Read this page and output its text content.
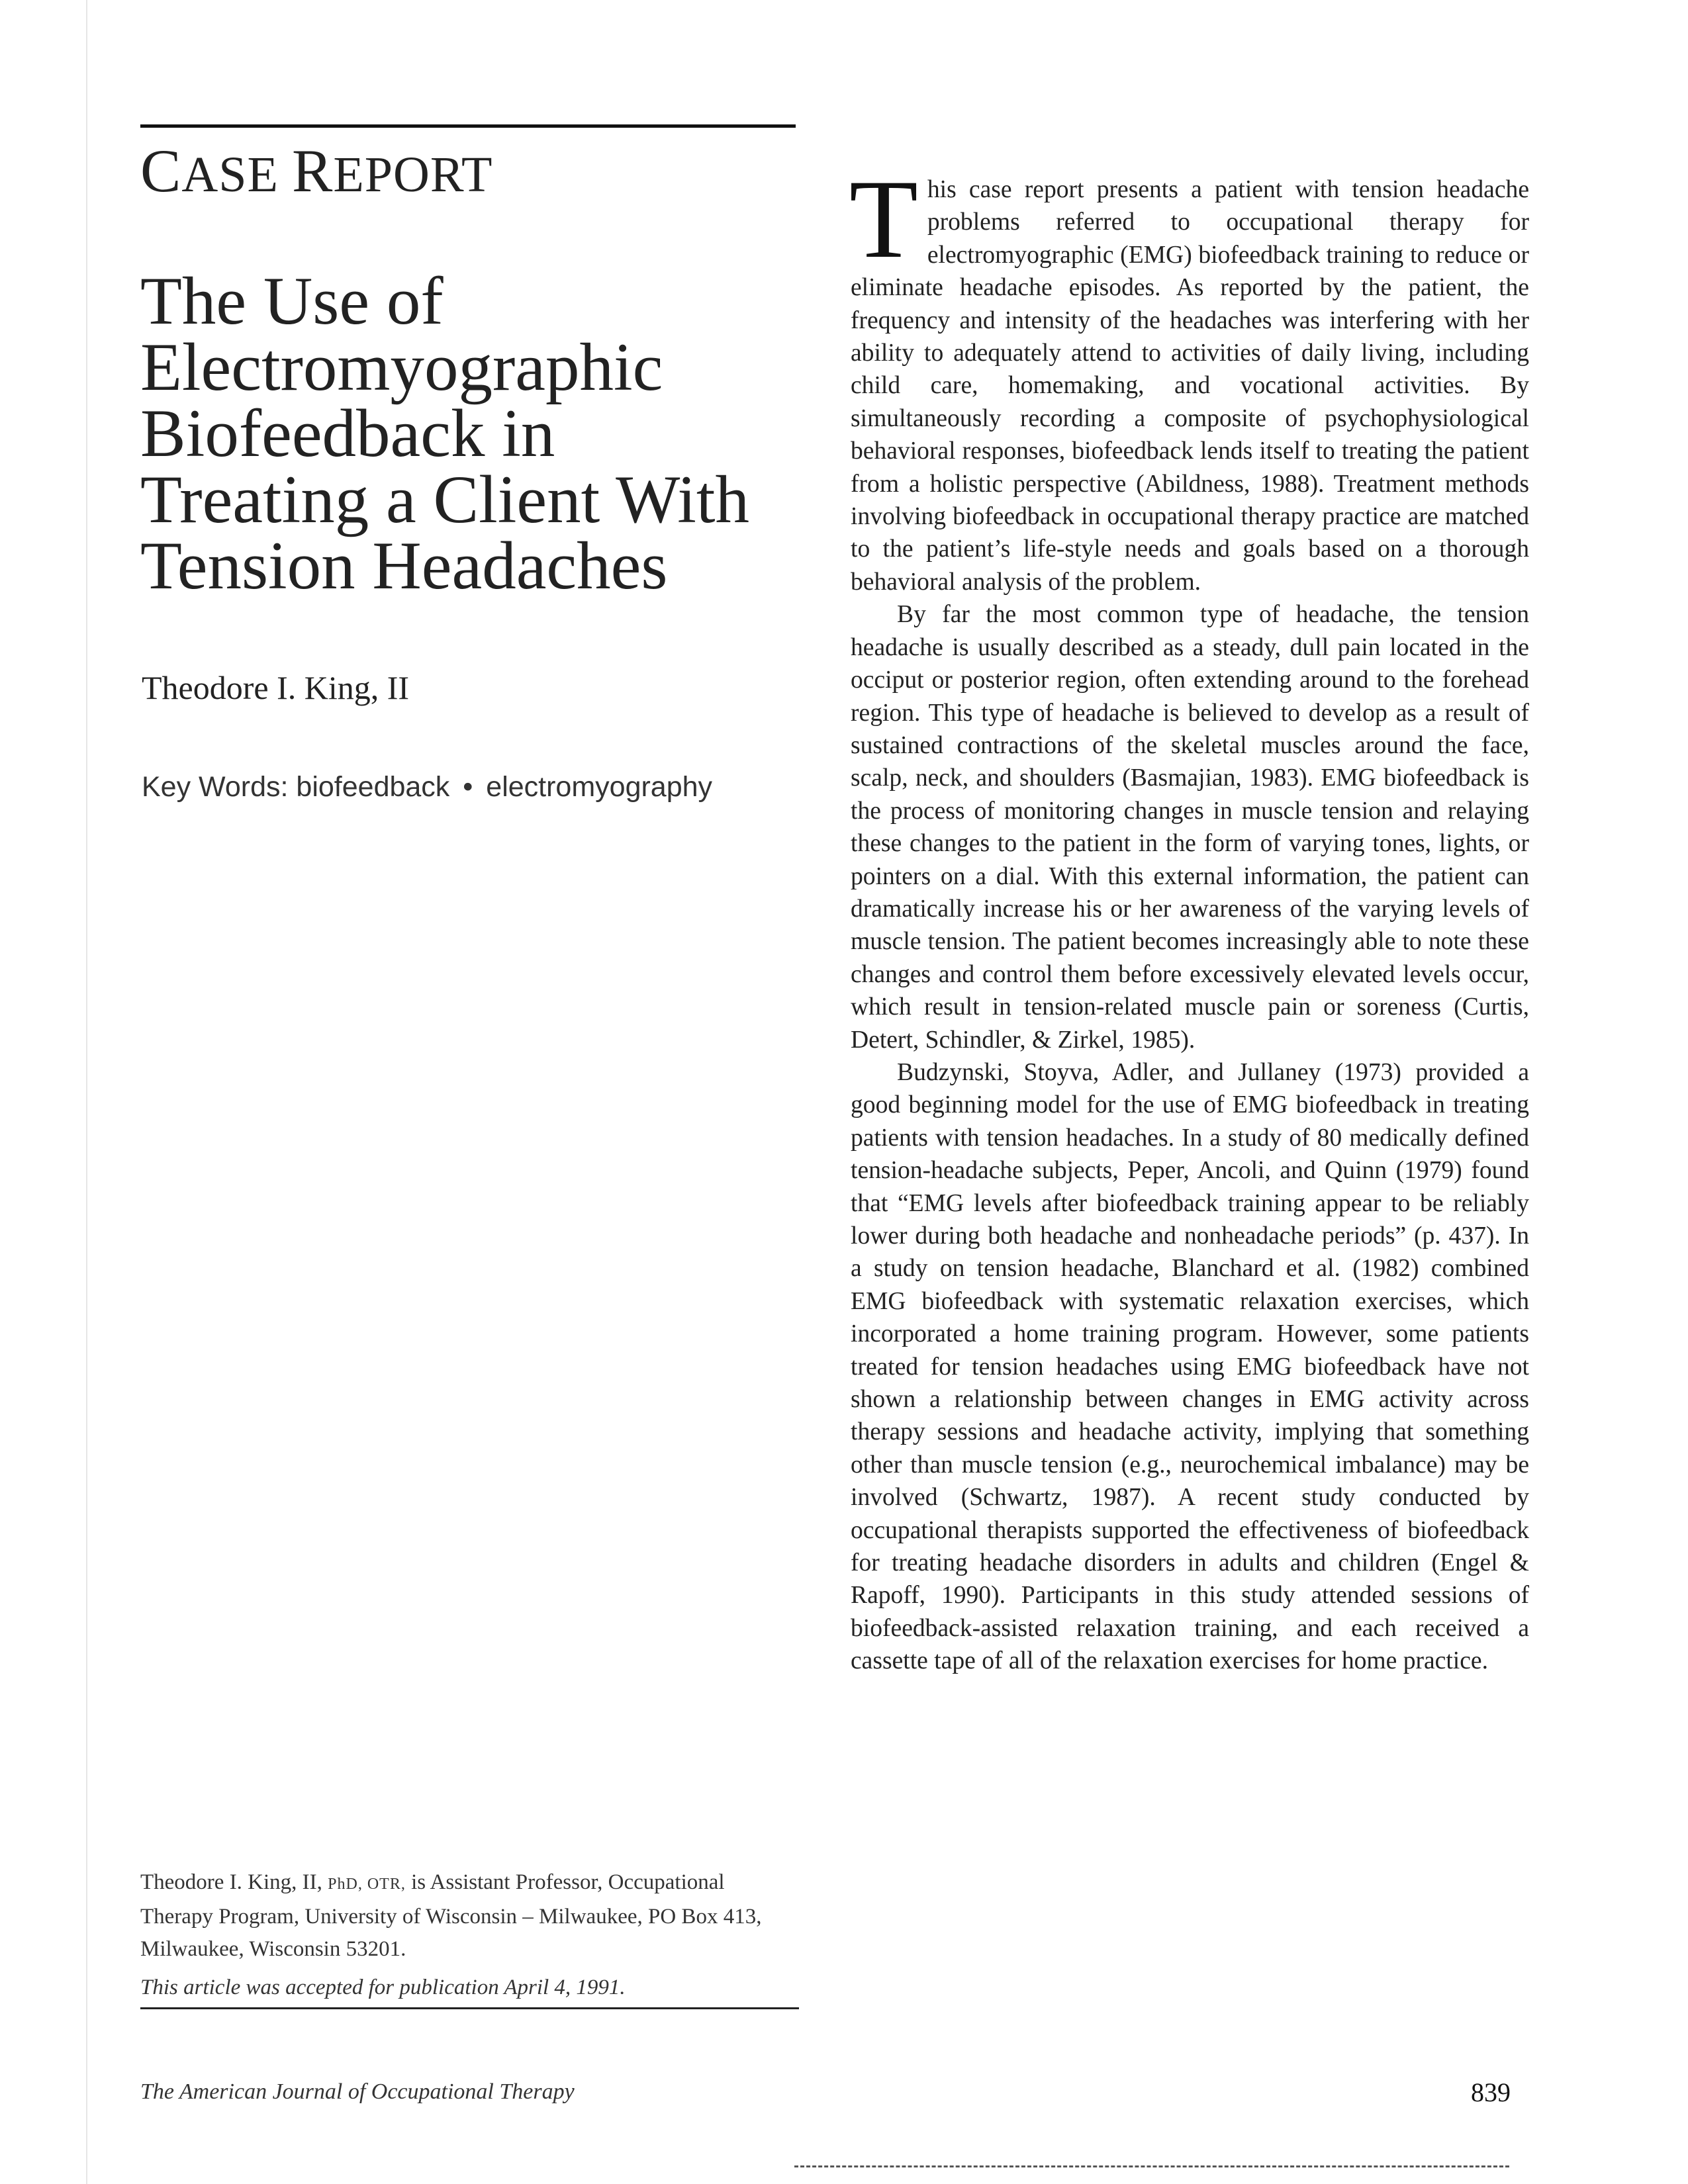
CASE REPORT
The Use of Electromyographic Biofeedback in Treating a Client With Tension Headaches

Theodore I. King, II

Key Words: biofeedback • electromyography

This case report presents a patient with tension headache problems referred to occupational therapy for electromyographic (EMG) biofeedback training to reduce or eliminate headache episodes. As reported by the patient, the frequency and intensity of the headaches was interfering with her ability to adequately attend to activities of daily living, including child care, homemaking, and vocational activities. By simultaneously recording a composite of psychophysiological behavioral responses, biofeedback lends itself to treating the patient from a holistic perspective (Abildness, 1988). Treatment methods involving biofeedback in occupational therapy practice are matched to the patient’s life-style needs and goals based on a thorough behavioral analysis of the problem.

By far the most common type of headache, the tension headache is usually described as a steady, dull pain located in the occiput or posterior region, often extending around to the forehead region. This type of headache is believed to develop as a result of sustained contractions of the skeletal muscles around the face, scalp, neck, and shoulders (Basmajian, 1983). EMG biofeedback is the process of monitoring changes in muscle tension and relaying these changes to the patient in the form of varying tones, lights, or pointers on a dial. With this external information, the patient can dramatically increase his or her awareness of the varying levels of muscle tension. The patient becomes increasingly able to note these changes and control them before excessively elevated levels occur, which result in tension-related muscle pain or soreness (Curtis, Detert, Schindler, & Zirkel, 1985).

Budzynski, Stoyva, Adler, and Jullaney (1973) provided a good beginning model for the use of EMG biofeedback in treating patients with tension headaches. In a study of 80 medically defined tension-headache subjects, Peper, Ancoli, and Quinn (1979) found that “EMG levels after biofeedback training appear to be reliably lower during both headache and nonheadache periods” (p. 437). In a study on tension headache, Blanchard et al. (1982) combined EMG biofeedback with systematic relaxation exercises, which incorporated a home training program. However, some patients treated for tension headaches using EMG biofeedback have not shown a relationship between changes in EMG activity across therapy sessions and headache activity, implying that something other than muscle tension (e.g., neurochemical imbalance) may be involved (Schwartz, 1987). A recent study conducted by occupational therapists supported the effectiveness of biofeedback for treating headache disorders in adults and children (Engel & Rapoff, 1990). Participants in this study attended sessions of biofeedback-assisted relaxation training, and each received a cassette tape of all of the relaxation exercises for home practice.

Theodore I. King, II, PhD, OTR, is Assistant Professor, Occupational Therapy Program, University of Wisconsin – Milwaukee, PO Box 413, Milwaukee, Wisconsin 53201.

This article was accepted for publication April 4, 1991.

The American Journal of Occupational Therapy	839
